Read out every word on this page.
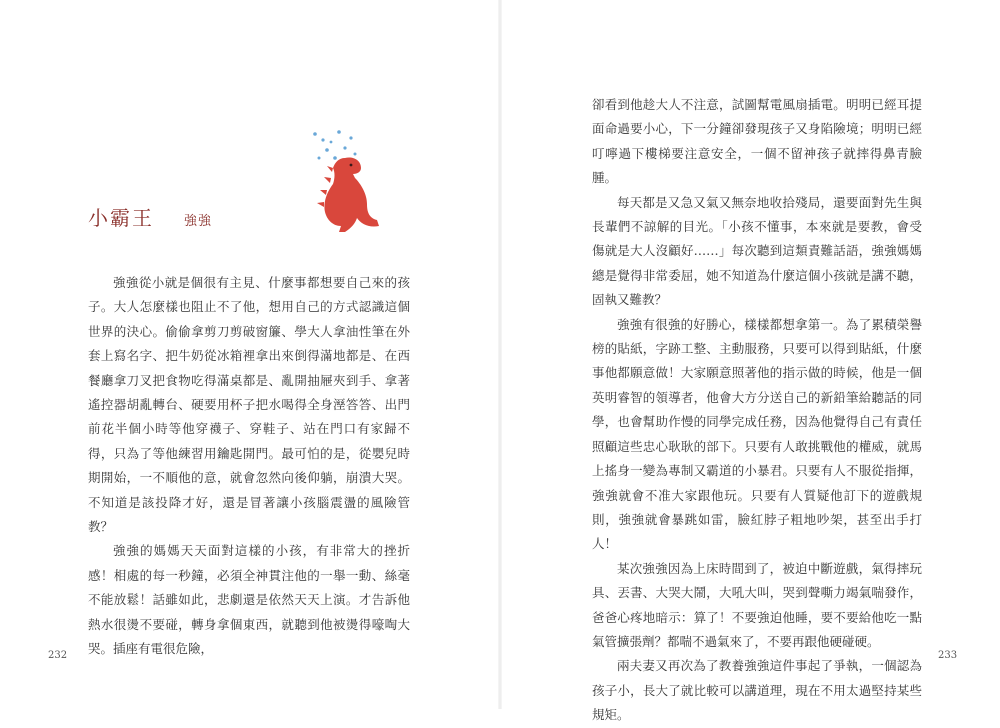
小霸王 強強

強強從小就是個很有主見、什麼事都想要自己來的孩子。大人怎麼樣也阻止不了他，想用自己的方式認識這個世界的決心。偷偷拿剪刀剪破窗簾、學大人拿油性筆在外套上寫名字、把牛奶從冰箱裡拿出來倒得滿地都是、在西餐廳拿刀叉把食物吃得滿桌都是、亂開抽屜夾到手、拿著遙控器胡亂轉台、硬要用杯子把水喝得全身溼答答、出門前花半個小時等他穿襪子、穿鞋子、站在門口有家歸不得，只為了等他練習用鑰匙開門。最可怕的是，從嬰兒時期開始，一不順他的意，就會忽然向後仰躺，崩潰大哭。不知道是該投降才好，還是冒著讓小孩腦震盪的風險管教？

強強的媽媽天天面對這樣的小孩，有非常大的挫折感！相處的每一秒鐘，必須全神貫注他的一舉一動、絲毫不能放鬆！話雖如此，悲劇還是依然天天上演。才告訴他熱水很燙不要碰，轉身拿個東西，就聽到他被燙得嚎啕大哭。插座有電很危險，

232

卻看到他趁大人不注意，試圖幫電風扇插電。明明已經耳提面命過要小心，下一分鐘卻發現孩子又身陷險境；明明已經叮嚀過下樓梯要注意安全，一個不留神孩子就摔得鼻青臉腫。

每天都是又急又氣又無奈地收拾殘局，還要面對先生與長輩們不諒解的目光。「小孩不懂事，本來就是要教，會受傷就是大人沒顧好……」每次聽到這類責難話語，強強媽媽總是覺得非常委屈，她不知道為什麼這個小孩就是講不聽，固執又難教？

強強有很強的好勝心，樣樣都想拿第一。為了累積榮譽榜的貼紙，字跡工整、主動服務，只要可以得到貼紙，什麼事他都願意做！大家願意照著他的指示做的時候，他是一個英明睿智的領導者，他會大方分送自己的新鉛筆給聽話的同學，也會幫助作慢的同學完成任務，因為他覺得自己有責任照顧這些忠心耿耿的部下。只要有人敢挑戰他的權威，就馬上搖身一變為專制又霸道的小暴君。只要有人不服從指揮，強強就會不准大家跟他玩。只要有人質疑他訂下的遊戲規則，強強就會暴跳如雷，臉紅脖子粗地吵架，甚至出手打人！

某次強強因為上床時間到了，被迫中斷遊戲，氣得摔玩具、丟書、大哭大鬧，大吼大叫，哭到聲嘶力竭氣喘發作，爸爸心疼地暗示：算了！不要強迫他睡，要不要給他吃一點氣管擴張劑？都喘不過氣來了，不要再跟他硬碰硬。

兩夫妻又再次為了教養強強這件事起了爭執，一個認為孩子小，長大了就比較可以講道理，現在不用太過堅持某些規矩。

233
